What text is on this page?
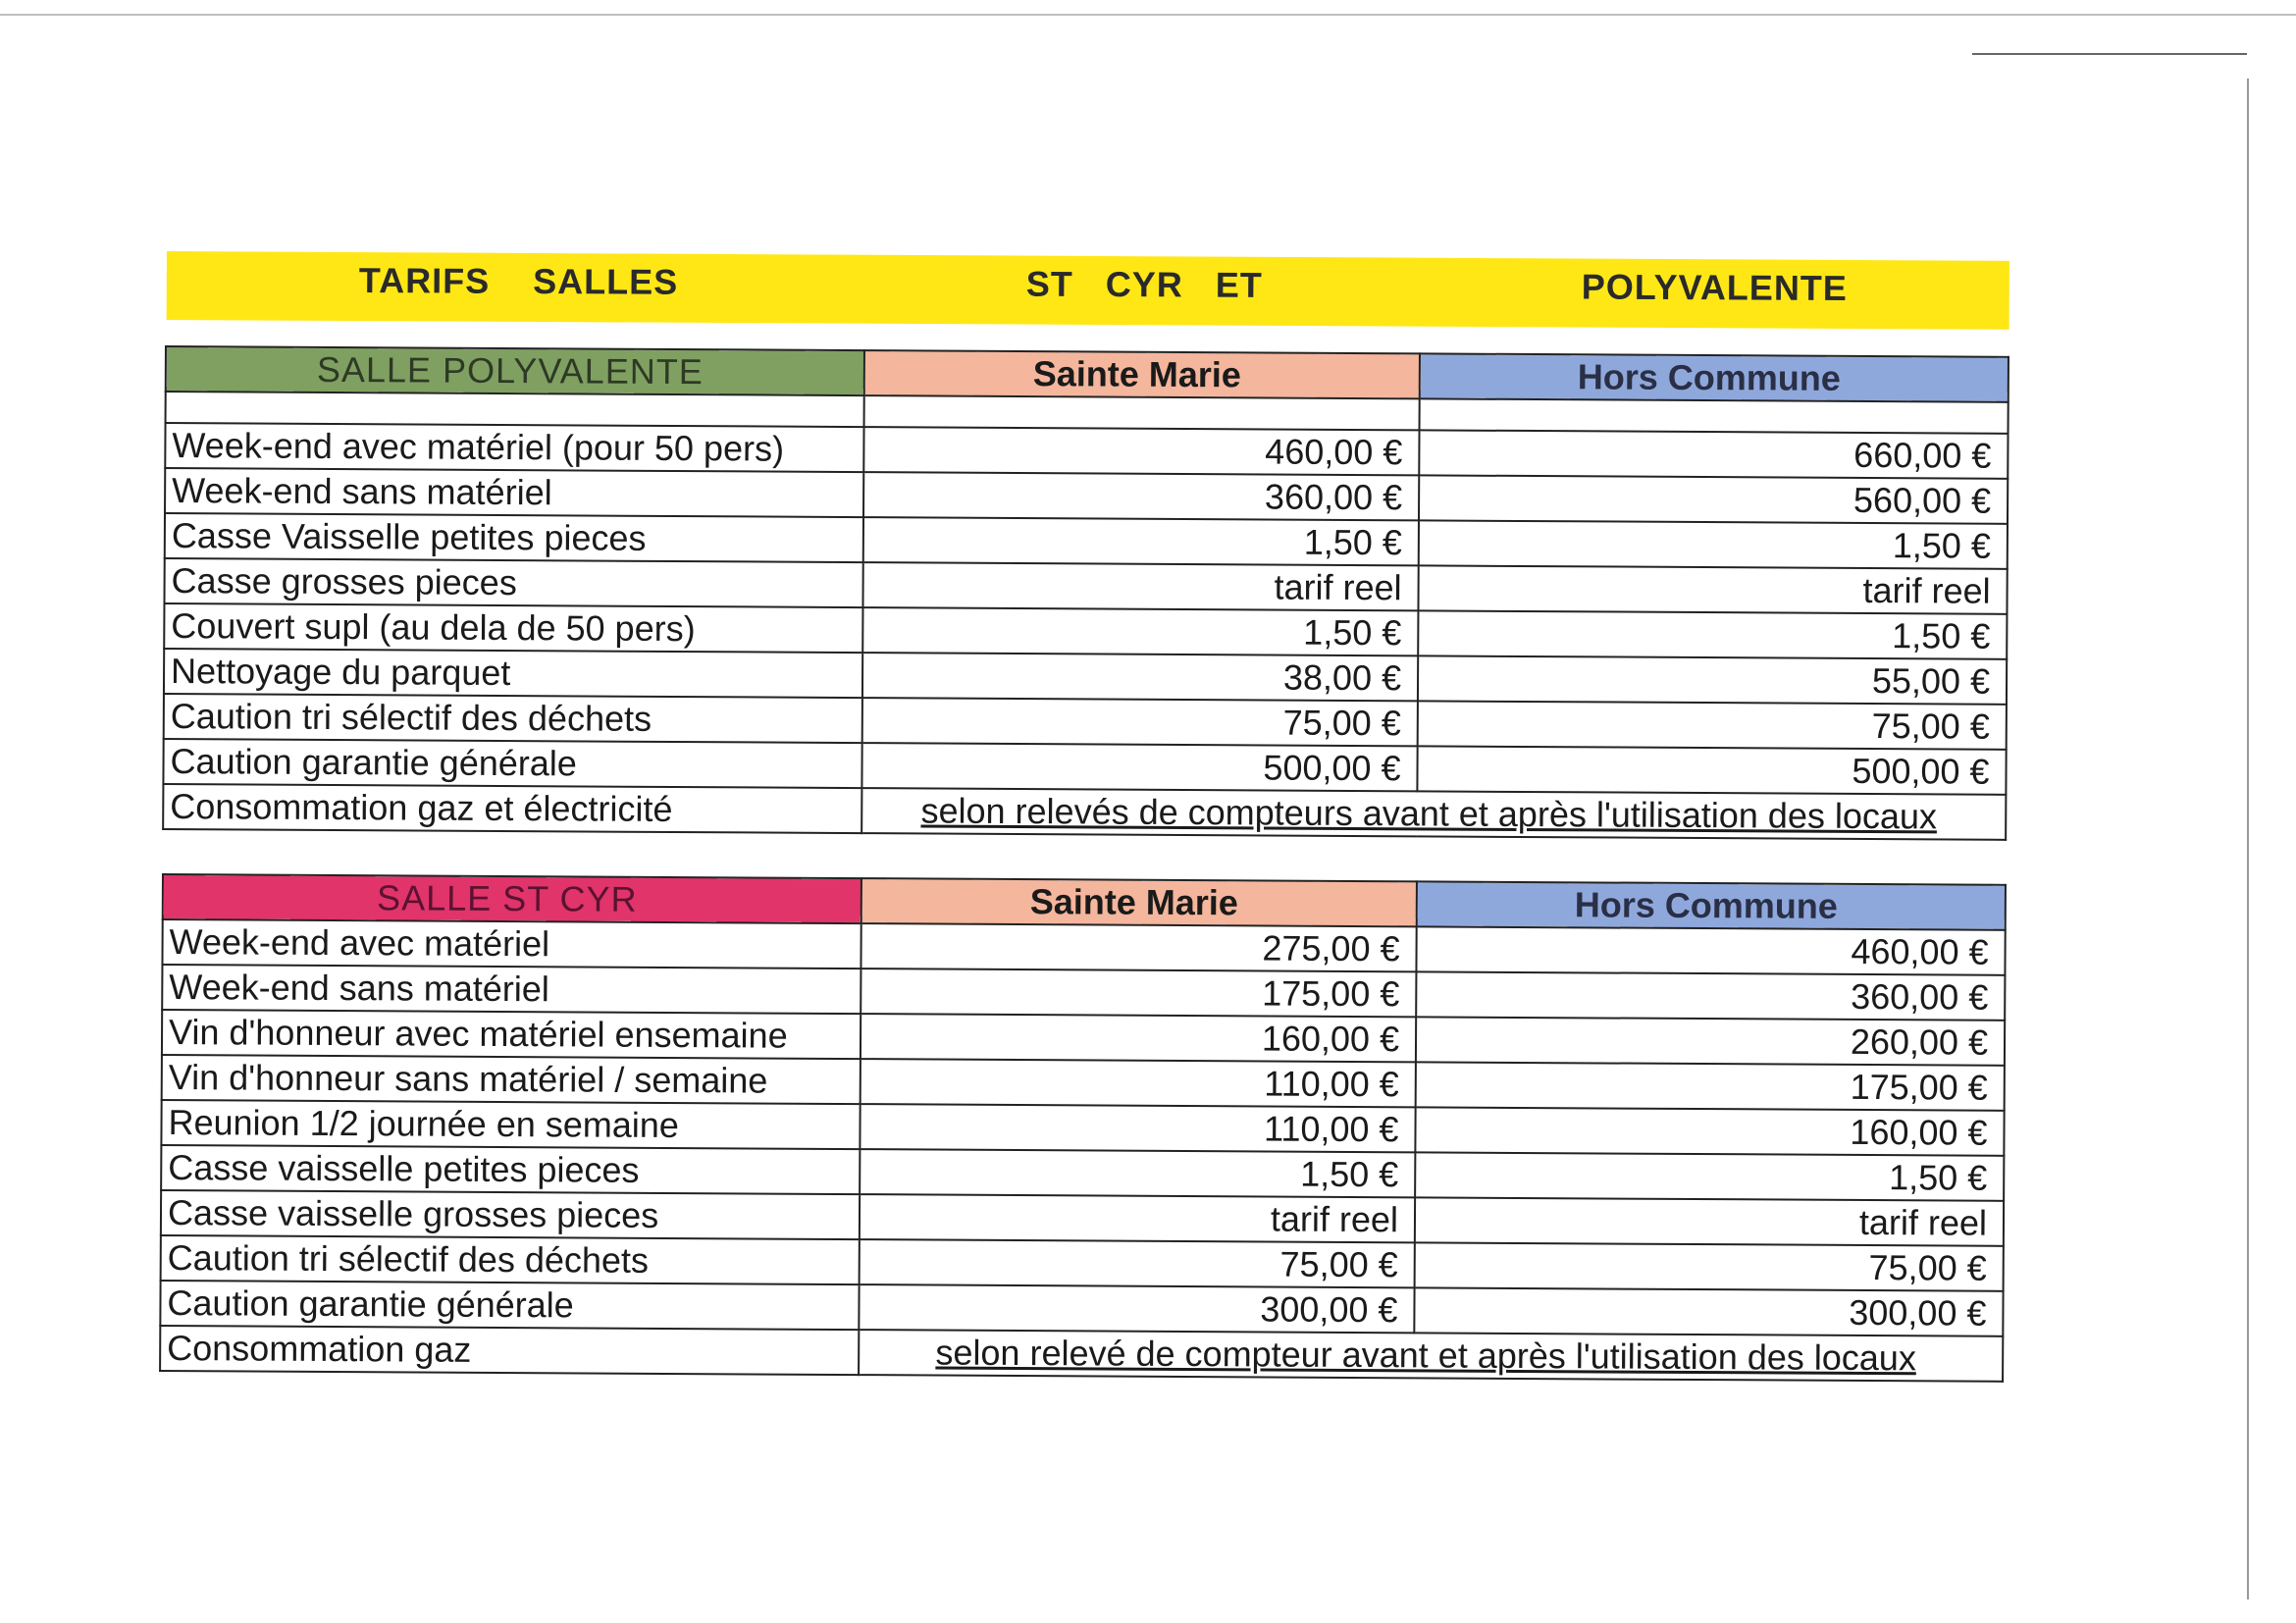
TARIFS    SALLES	ST   CYR   ET	POLYVALENTE
SALLE POLYVALENTE	Sainte Marie	Hors Commune

Week-end avec matériel (pour 50 pers)	460,00 €	660,00 €
Week-end sans matériel	360,00 €	560,00 €
Casse Vaisselle petites pieces	1,50 €	1,50 €
Casse grosses pieces	tarif reel	tarif reel
Couvert supl (au dela de 50 pers)	1,50 €	1,50 €
Nettoyage du parquet	38,00 €	55,00 €
Caution tri sélectif des déchets	75,00 €	75,00 €
Caution garantie générale	500,00 €	500,00 €
Consommation gaz et électricité	selon relevés de compteurs avant et après l'utilisation des locaux	
SALLE ST CYR	Sainte Marie	Hors Commune
Week-end avec matériel	275,00 €	460,00 €
Week-end sans matériel	175,00 €	360,00 €
Vin d'honneur avec matériel ensemaine	160,00 €	260,00 €
Vin d'honneur sans matériel / semaine	110,00 €	175,00 €
Reunion 1/2 journée en semaine	110,00 €	160,00 €
Casse vaisselle petites pieces	1,50 €	1,50 €
Casse vaisselle grosses pieces	tarif reel	tarif reel
Caution tri sélectif des déchets	75,00 €	75,00 €
Caution garantie générale	300,00 €	300,00 €
Consommation gaz	selon relevé de compteur avant et après l'utilisation des locaux	
